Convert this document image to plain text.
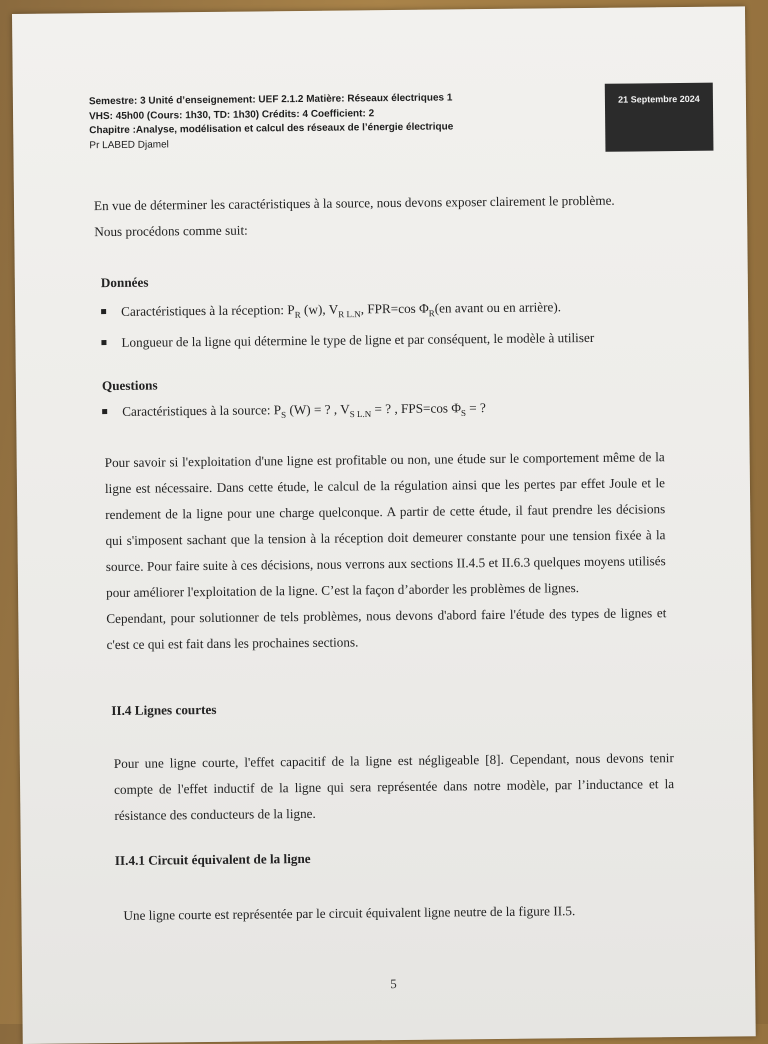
Semestre: 3 Unité d’enseignement: UEF 2.1.2 Matière: Réseaux électriques 1
VHS: 45h00 (Cours: 1h30, TD: 1h30) Crédits: 4 Coefficient: 2
Chapitre :Analyse, modélisation et calcul des réseaux de l’énergie électrique
Pr LABED Djamel
21 Septembre 2024

En vue de déterminer les caractéristiques à la source, nous devons exposer clairement le problème.

Nous procédons comme suit:

Données
Caractéristiques à la réception: $P_R$ (w), $V_{R L.N}$, FPR=cos $\Phi_R(en$ avant ou en arrière).
Longueur de la ligne qui détermine le type de ligne et par conséquent, le modèle à utiliser
Questions
Caractéristiques à la source: $P_S$ (W) = ? , $V_{S L.N}$ = ? , FPS=cos $\Phi_S$ = ?

Pour savoir si l'exploitation d'une ligne est profitable ou non, une étude sur le comportement même de la ligne est nécessaire. Dans cette étude, le calcul de la régulation ainsi que les pertes par effet Joule et le rendement de la ligne pour une charge quelconque. A partir de cette étude, il faut prendre les décisions qui s'imposent sachant que la tension à la réception doit demeurer constante pour une tension fixée à la source. Pour faire suite à ces décisions, nous verrons aux sections II.4.5 et II.6.3 quelques moyens utilisés pour améliorer l'exploitation de la ligne. C’est la façon d’aborder les problèmes de lignes.

Cependant, pour solutionner de tels problèmes, nous devons d'abord faire l'étude des types de lignes et c'est ce qui est fait dans les prochaines sections.

II.4 Lignes courtes

Pour une ligne courte, l'effet capacitif de la ligne est négligeable [8]. Cependant, nous devons tenir compte de l'effet inductif de la ligne qui sera représentée dans notre modèle, par l’inductance et la résistance des conducteurs de la ligne.

II.4.1 Circuit équivalent de la ligne

Une ligne courte est représentée par le circuit équivalent ligne neutre de la figure II.5.

5
